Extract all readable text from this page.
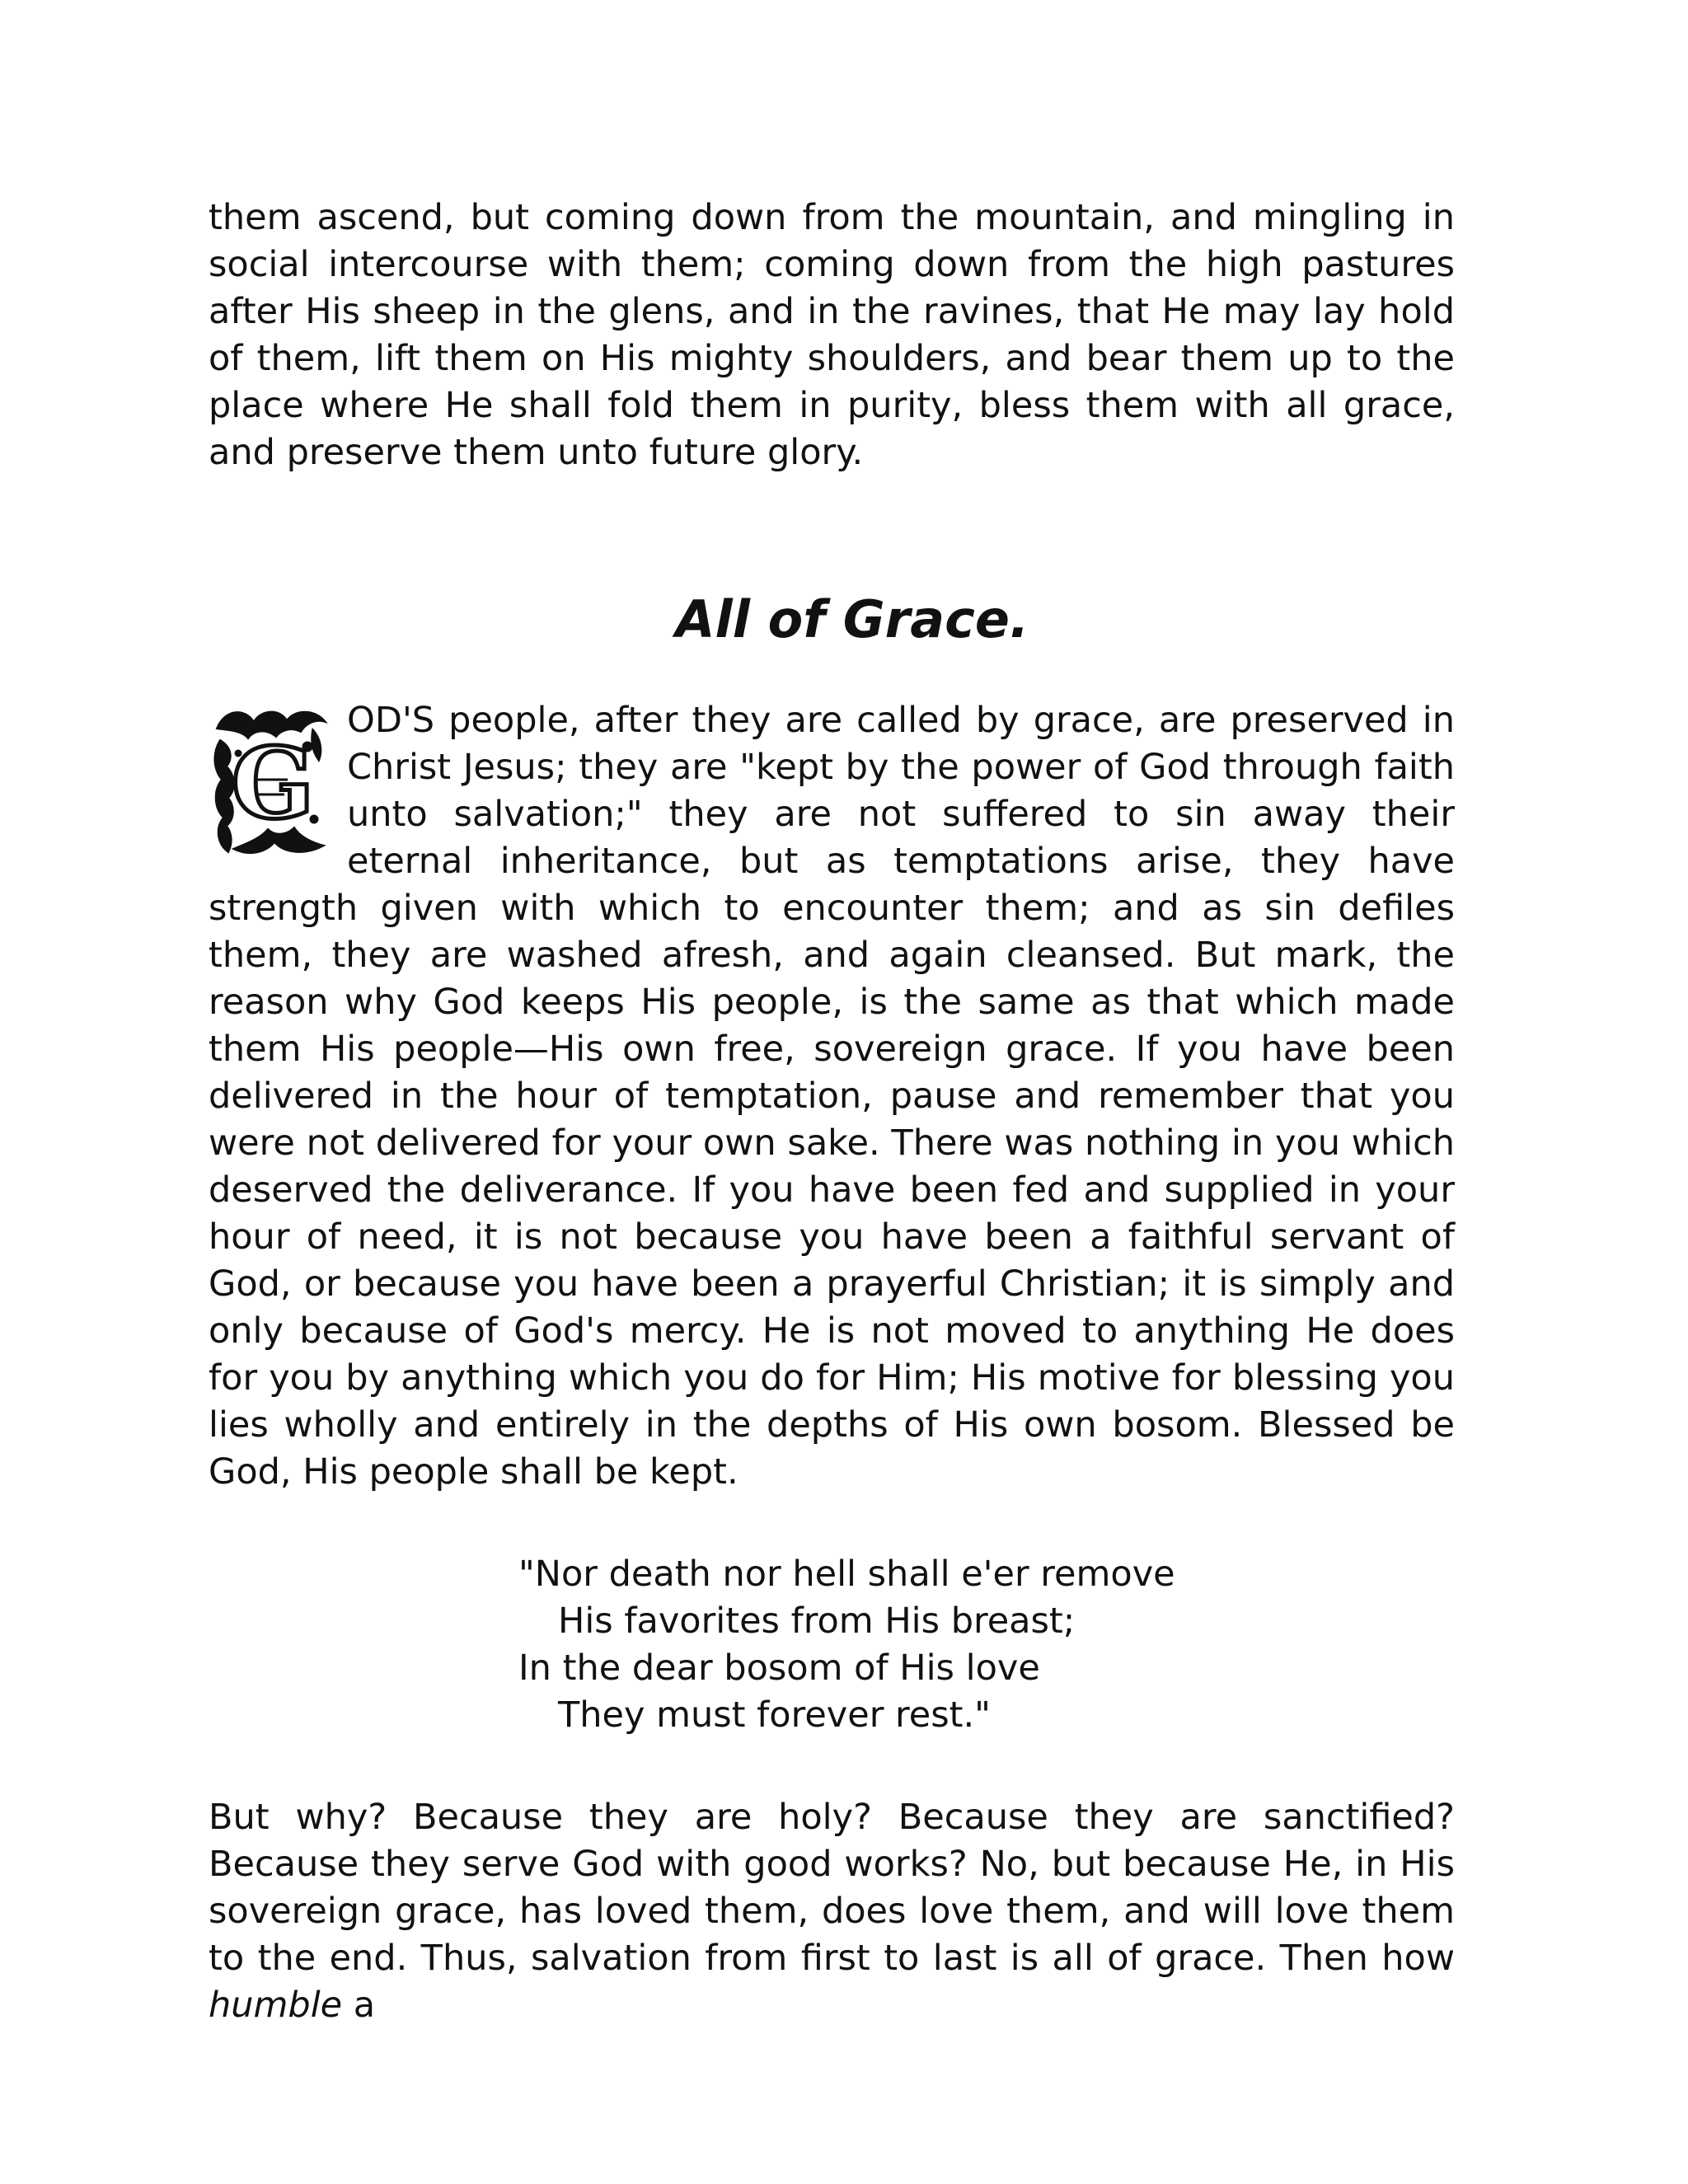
them ascend, but coming down from the mountain, and mingling in social intercourse with them; coming down from the high pastures after His sheep in the glens, and in the ravines, that He may lay hold of them, lift them on His mighty shoulders, and bear them up to the place where He shall fold them in purity, bless them with all grace, and preserve them unto future glory.

All of Grace.

G
OD'S people, after they are called by grace, are preserved in Christ Jesus; they are "kept by the power of God through faith unto salvation;" they are not suffered to sin away their eternal inheritance, but as temptations arise, they have strength given with which to encounter them; and as sin defiles them, they are washed afresh, and again cleansed. But mark, the reason why God keeps His people, is the same as that which made them His people—His own free, sovereign grace. If you have been delivered in the hour of temptation, pause and remember that you were not delivered for your own sake. There was nothing in you which deserved the deliverance. If you have been fed and supplied in your hour of need, it is not because you have been a faithful servant of God, or because you have been a prayerful Christian; it is simply and only because of God's mercy. He is not moved to anything He does for you by anything which you do for Him; His motive for blessing you lies wholly and entirely in the depths of His own bosom. Blessed be God, His people shall be kept.

"Nor death nor hell shall e'er remove
His favorites from His breast;
In the dear bosom of His love
They must forever rest."

But why? Because they are holy? Because they are sanctified? Because they serve God with good works? No, but because He, in His sovereign grace, has loved them, does love them, and will love them to the end. Thus, salvation from first to last is all of grace. Then how humble a
